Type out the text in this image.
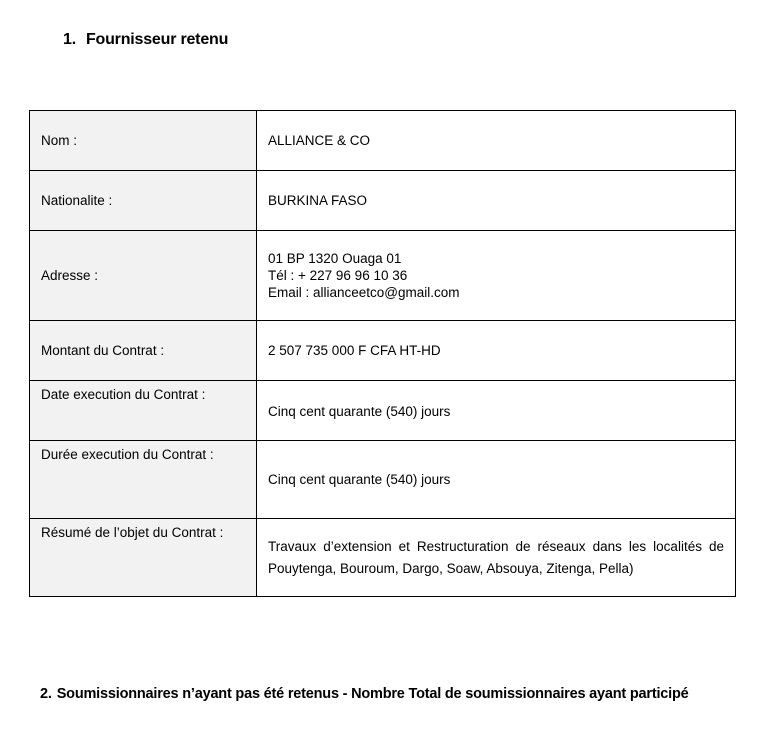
1. Fournisseur retenu
Nom :	ALLIANCE & CO
Nationalite :	BURKINA FASO
Adresse :	01 BP 1320 Ouaga 01
Tél : + 227 96 96 10 36
Email : allianceetco@gmail.com

Montant du Contrat :	2 507 735 000 F CFA HT-HD
Date execution du Contrat :	Cinq cent quarante (540) jours
Durée execution du Contrat :	Cinq cent quarante (540) jours
Résumé de l’objet du Contrat :	Travaux d’extension et Restructuration de réseaux dans les localités de Pouytenga, Bouroum, Dargo, Soaw, Absouya, Zitenga, Pella)
2. Soumissionnaires n’ayant pas été retenus - Nombre Total de soumissionnaires ayant participé
